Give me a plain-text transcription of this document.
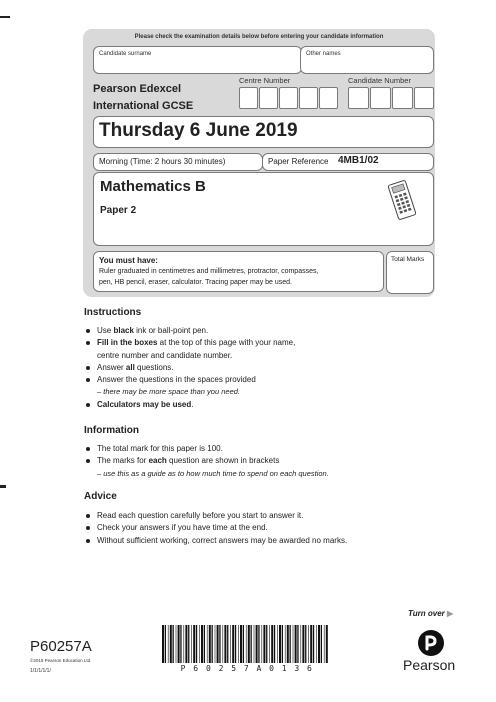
Please check the examination details below before entering your candidate information
Candidate surname	Other names
Pearson Edexcel
International GCSE
Centre Number	Candidate Number
Thursday 6 June 2019
Morning (Time: 2 hours 30 minutes)	Paper Reference 4MB1/02
Mathematics B
Paper 2
You must have:
Ruler graduated in centimetres and millimetres, protractor, compasses,
pen, HB pencil, eraser, calculator. Tracing paper may be used.
Total Marks
Instructions
Use black ink or ball-point pen.
Fill in the boxes at the top of this page with your name,
centre number and candidate number.
Answer all questions.
Answer the questions in the spaces provided
– there may be more space than you need.
Calculators may be used.
Information
The total mark for this paper is 100.
The marks for each question are shown in brackets
– use this as a guide as to how much time to spend on each question.
Advice
Read each question carefully before you start to answer it.
Check your answers if you have time at the end.
Without sufficient working, correct answers may be awarded no marks.
Turn over ▶
P60257A
©2019 Pearson Education Ltd.
1/1/1/1/1/	P 6 0 2 5 7 A 0 1 3 6	Pearson
